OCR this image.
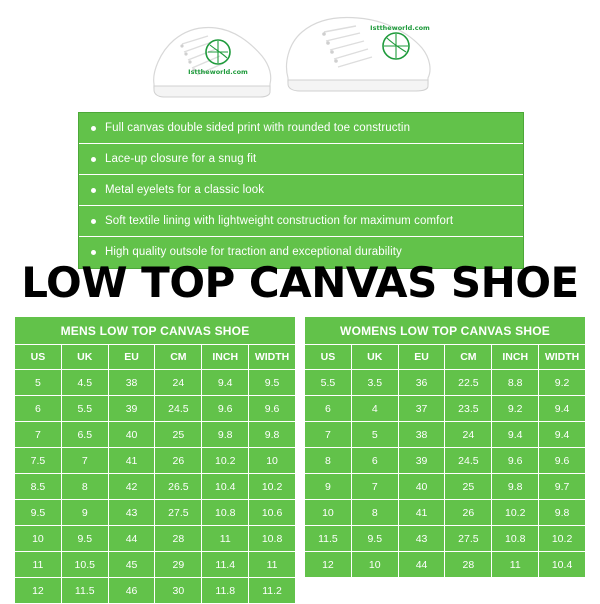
Isttheworld.com
Isttheworld.com
Full canvas double sided print with rounded toe constructin
Lace-up closure for a snug fit
Metal eyelets for a classic look
Soft textile lining with lightweight construction for maximum comfort
High quality outsole for traction and exceptional durability
LOW TOP CANVAS SHOE
MENS LOW TOP CANVAS SHOE					
US	UK	EU	CM	INCH	WIDTH
5	4.5	38	24	9.4	9.5
6	5.5	39	24.5	9.6	9.6
7	6.5	40	25	9.8	9.8
7.5	7	41	26	10.2	10
8.5	8	42	26.5	10.4	10.2
9.5	9	43	27.5	10.8	10.6
10	9.5	44	28	11	10.8
11	10.5	45	29	11.4	11
12	11.5	46	30	11.8	11.2
WOMENS LOW TOP CANVAS SHOE					
US	UK	EU	CM	INCH	WIDTH
5.5	3.5	36	22.5	8.8	9.2
6	4	37	23.5	9.2	9.4
7	5	38	24	9.4	9.4
8	6	39	24.5	9.6	9.6
9	7	40	25	9.8	9.7
10	8	41	26	10.2	9.8
11.5	9.5	43	27.5	10.8	10.2
12	10	44	28	11	10.4
